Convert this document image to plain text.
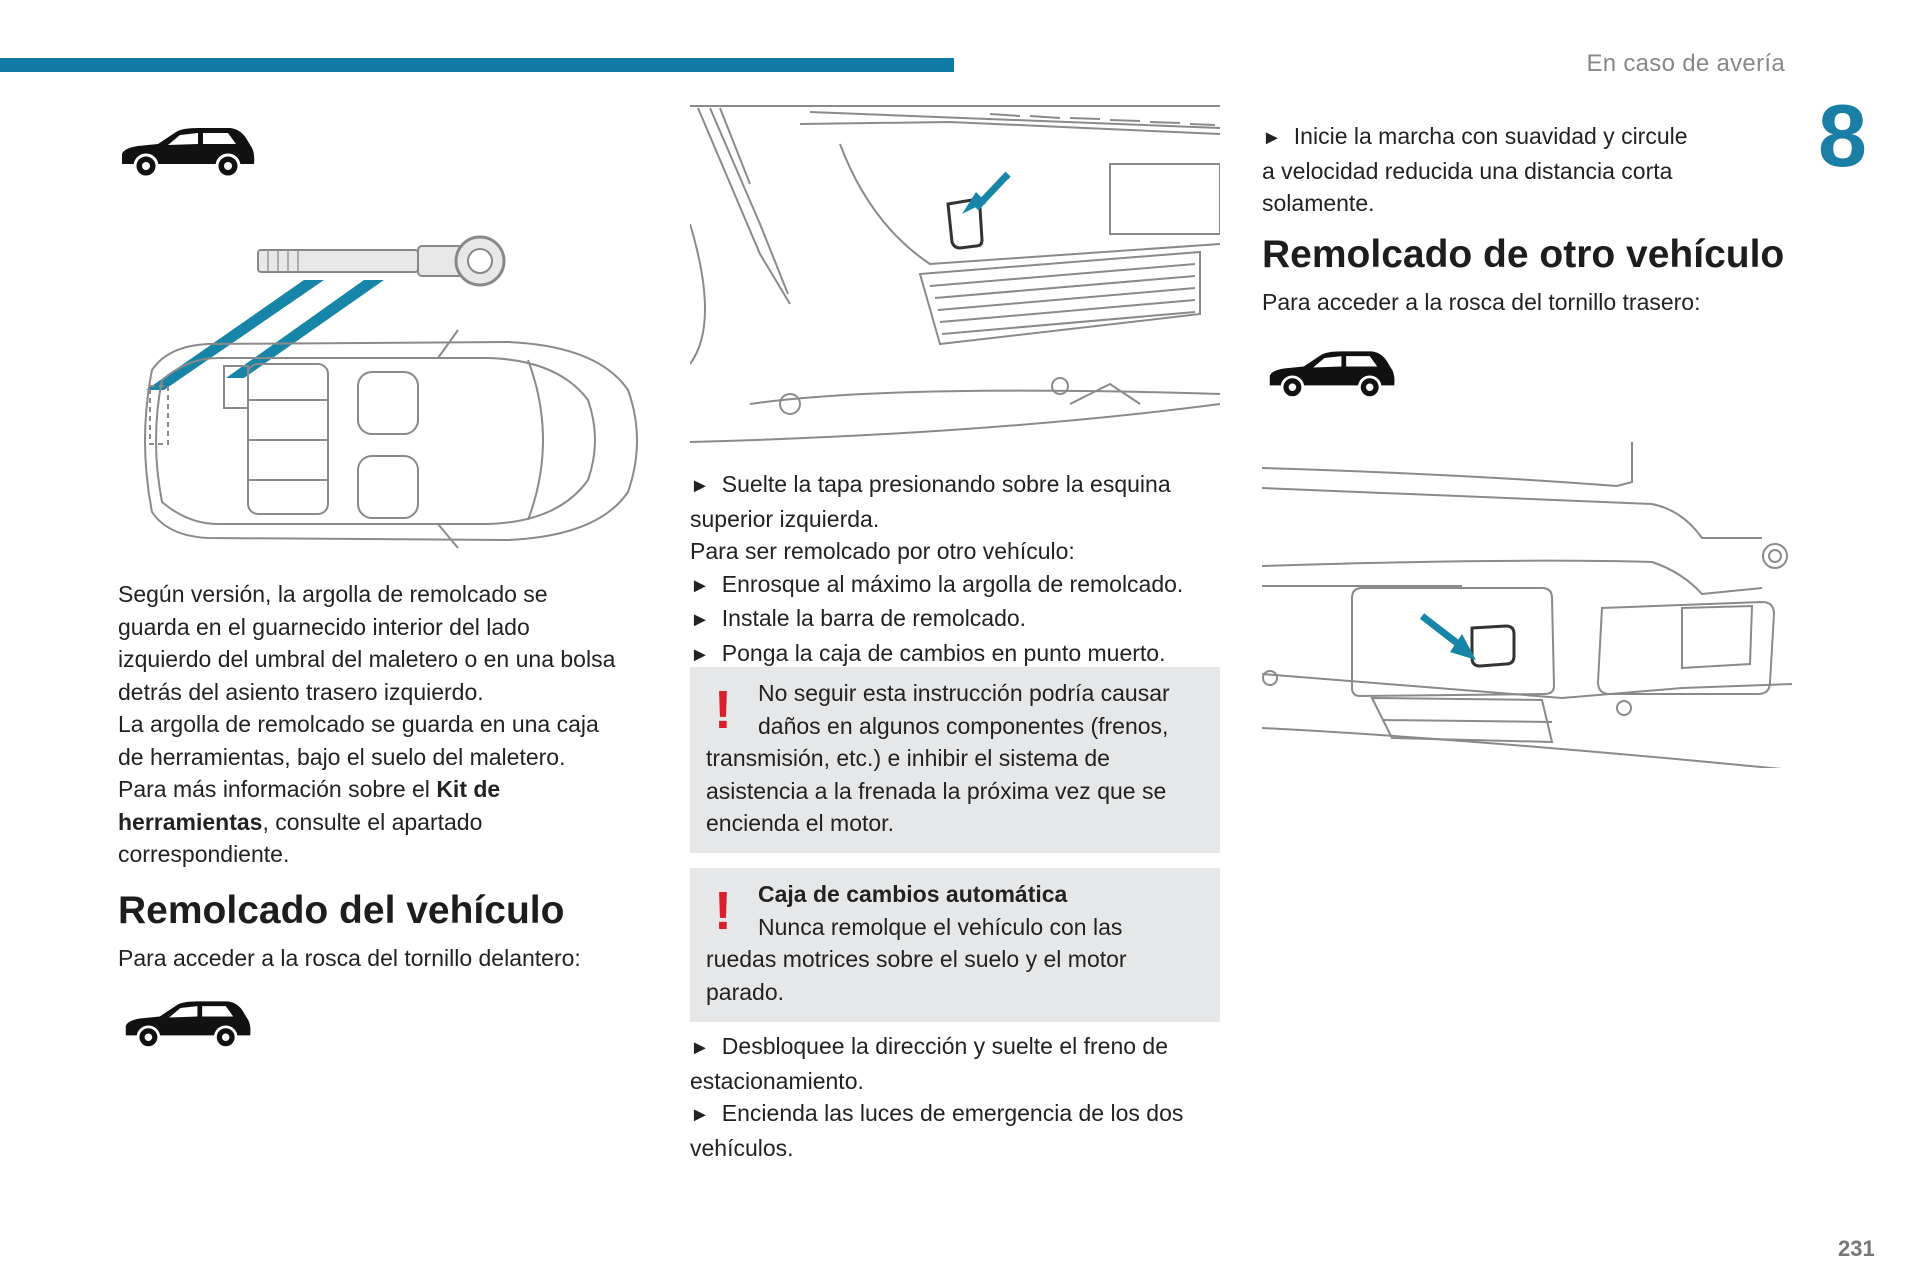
En caso de avería
8
231

Según versión, la argolla de remolcado se

guarda en el guarnecido interior del lado

izquierdo del umbral del maletero o en una bolsa

detrás del asiento trasero izquierdo.

La argolla de remolcado se guarda en una caja

de herramientas, bajo el suelo del maletero.

Para más información sobre el Kit de

herramientas, consulte el apartado

correspondiente.

Remolcado del vehículo
Para acceder a la rosca del tornillo delantero:

► Suelte la tapa presionando sobre la esquina

superior izquierda.

Para ser remolcado por otro vehículo:

► Enrosque al máximo la argolla de remolcado.

► Instale la barra de remolcado.

► Ponga la caja de cambios en punto muerto.

!	No seguir esta instrucción podría causar
daños en algunos componentes (frenos,
transmisión, etc.) e inhibir el sistema de
asistencia a la frenada la próxima vez que se
encienda el motor.
!	Caja de cambios automática
Nunca remolque el vehículo con las
ruedas motrices sobre el suelo y el motor
parado.

► Desbloquee la dirección y suelte el freno de

estacionamiento.

► Encienda las luces de emergencia de los dos

vehículos.

► Inicie la marcha con suavidad y circule

a velocidad reducida una distancia corta

solamente.

Remolcado de otro vehículo
Para acceder a la rosca del tornillo trasero:
